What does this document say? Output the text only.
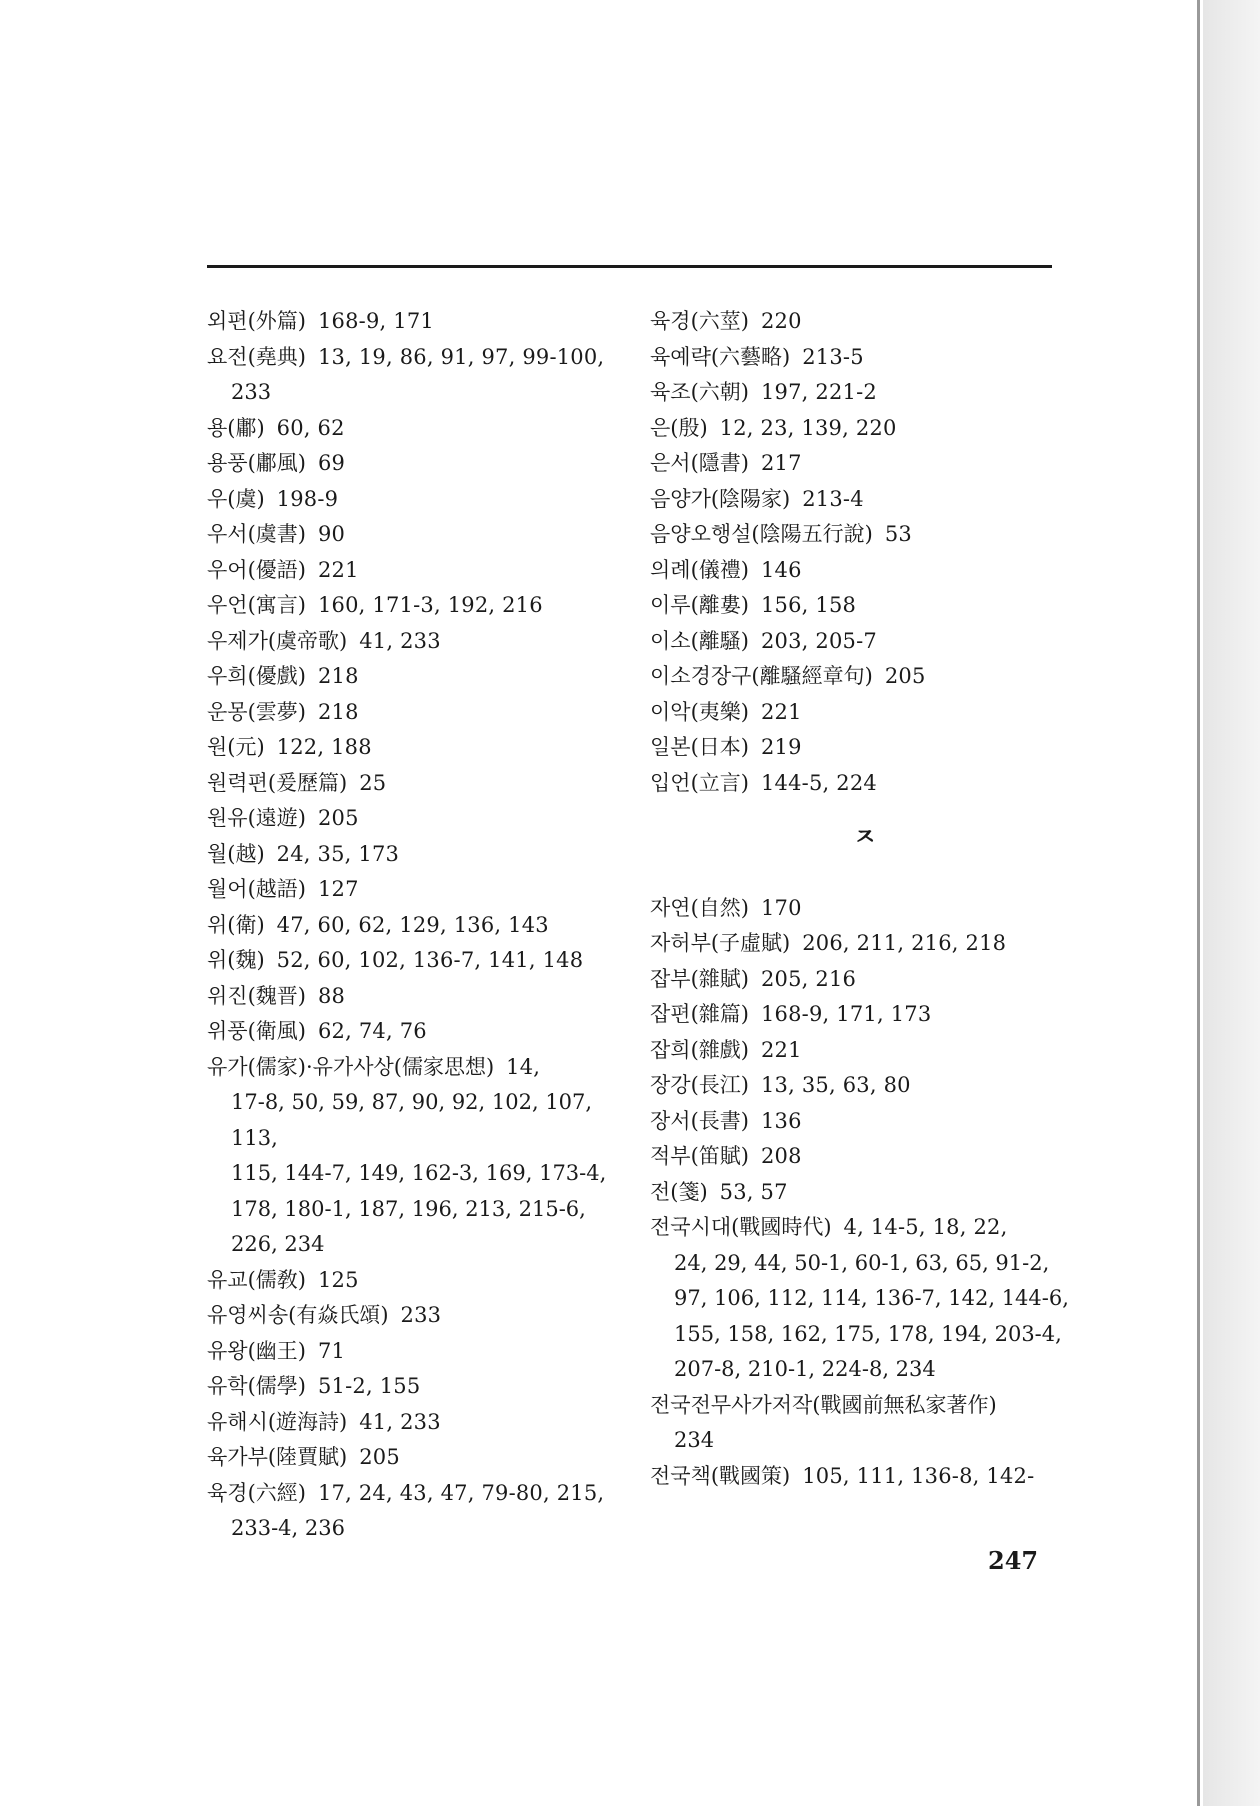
외편(外篇) 168-9, 171
요전(堯典) 13, 19, 86, 91, 97, 99-100,
233
용(鄘) 60, 62
용풍(鄘風) 69
우(虞) 198-9
우서(虞書) 90
우어(優語) 221
우언(寓言) 160, 171-3, 192, 216
우제가(虞帝歌) 41, 233
우희(優戲) 218
운몽(雲夢) 218
원(元) 122, 188
원력편(爰歷篇) 25
원유(遠遊) 205
월(越) 24, 35, 173
월어(越語) 127
위(衛) 47, 60, 62, 129, 136, 143
위(魏) 52, 60, 102, 136-7, 141, 148
위진(魏晋) 88
위풍(衛風) 62, 74, 76
유가(儒家)·유가사상(儒家思想) 14,
17-8, 50, 59, 87, 90, 92, 102, 107, 113,
115, 144-7, 149, 162-3, 169, 173-4,
178, 180-1, 187, 196, 213, 215-6,
226, 234
유교(儒敎) 125
유영씨송(有焱氏頌) 233
유왕(幽王) 71
유학(儒學) 51-2, 155
유해시(遊海詩) 41, 233
육가부(陸賈賦) 205
육경(六經) 17, 24, 43, 47, 79-80, 215,
233-4, 236
육경(六莖) 220
육예략(六藝略) 213-5
육조(六朝) 197, 221-2
은(殷) 12, 23, 139, 220
은서(隱書) 217
음양가(陰陽家) 213-4
음양오행설(陰陽五行說) 53
의례(儀禮) 146
이루(離婁) 156, 158
이소(離騷) 203, 205-7
이소경장구(離騷經章句) 205
이악(夷樂) 221
일본(日本) 219
입언(立言) 144-5, 224
ㅈ
자연(自然) 170
자허부(子虛賦) 206, 211, 216, 218
잡부(雜賦) 205, 216
잡편(雜篇) 168-9, 171, 173
잡희(雜戲) 221
장강(長江) 13, 35, 63, 80
장서(長書) 136
적부(笛賦) 208
전(箋) 53, 57
전국시대(戰國時代) 4, 14-5, 18, 22,
24, 29, 44, 50-1, 60-1, 63, 65, 91-2,
97, 106, 112, 114, 136-7, 142, 144-6,
155, 158, 162, 175, 178, 194, 203-4,
207-8, 210-1, 224-8, 234
전국전무사가저작(戰國前無私家著作)
234
전국책(戰國策) 105, 111, 136-8, 142-
247
